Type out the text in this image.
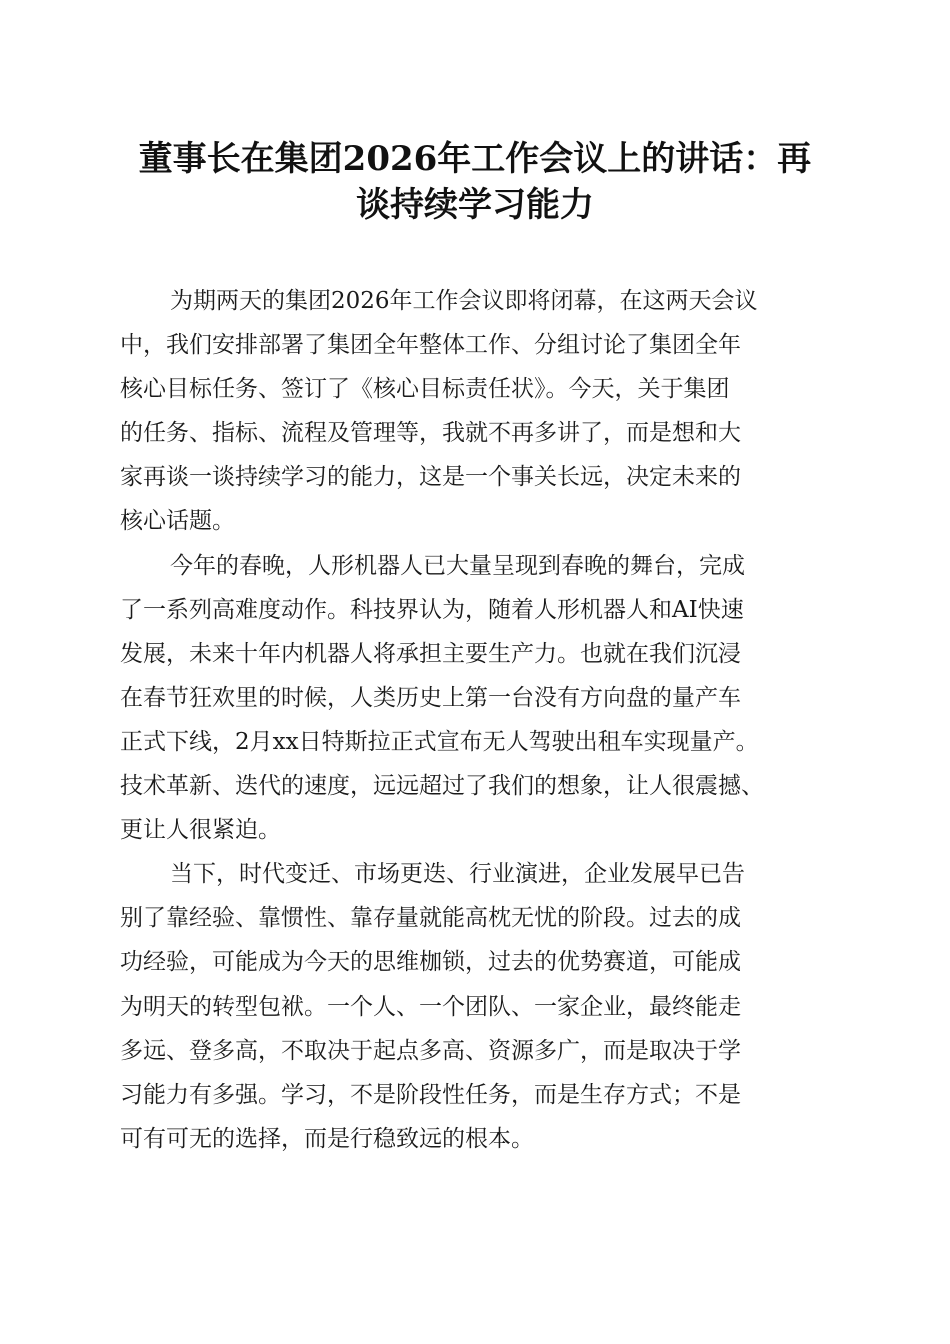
董事长在集团2026年工作会议上的讲话：再
谈持续学习能力
为期两天的集团2026年工作会议即将闭幕，在这两天会议
中，我们安排部署了集团全年整体工作、分组讨论了集团全年
核心目标任务、签订了《核心目标责任状》。今天，关于集团
的任务、指标、流程及管理等，我就不再多讲了，而是想和大
家再谈一谈持续学习的能力，这是一个事关长远，决定未来的
核心话题。
今年的春晚，人形机器人已大量呈现到春晚的舞台，完成
了一系列高难度动作。科技界认为，随着人形机器人和AI快速
发展，未来十年内机器人将承担主要生产力。也就在我们沉浸
在春节狂欢里的时候，人类历史上第一台没有方向盘的量产车
正式下线，2月xx日特斯拉正式宣布无人驾驶出租车实现量产。
技术革新、迭代的速度，远远超过了我们的想象，让人很震撼、
更让人很紧迫。
当下，时代变迁、市场更迭、行业演进，企业发展早已告
别了靠经验、靠惯性、靠存量就能高枕无忧的阶段。过去的成
功经验，可能成为今天的思维枷锁，过去的优势赛道，可能成
为明天的转型包袱。一个人、一个团队、一家企业，最终能走
多远、登多高，不取决于起点多高、资源多广，而是取决于学
习能力有多强。学习，不是阶段性任务，而是生存方式；不是
可有可无的选择，而是行稳致远的根本。
